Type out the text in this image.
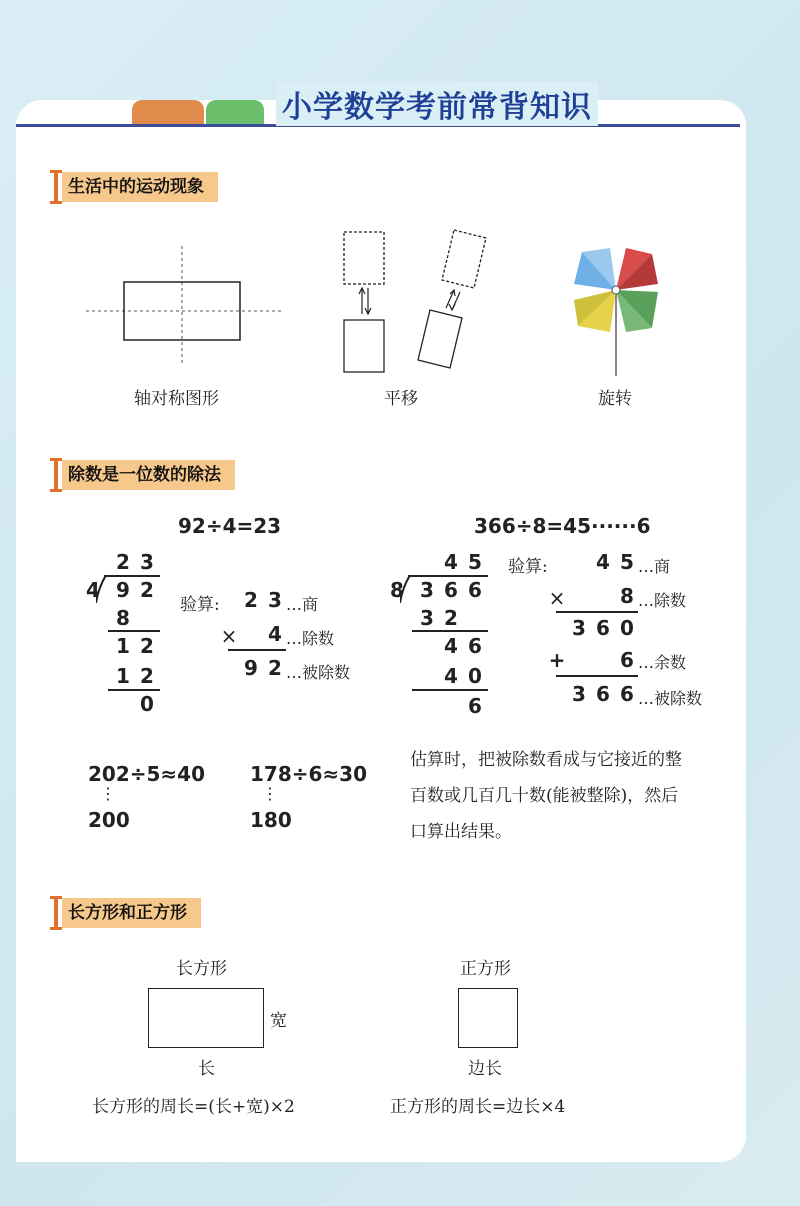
小学数学考前常背知识
生活中的运动现象
轴对称图形	平移	旋转
除数是一位数的除法
92÷4=23	366÷8=45······6
2 3
4 9 2
8
1 2
1 2
0
验算: 2 3 …商
× 4 …除数
9 2 …被除数
4 5
8 3 6 6
3 2
4 6
4 0
6
验算: 4 5 …商
×	8 …除数
3 6 0
+	6 …余数
3 6 6 …被除数
202÷5≈40
⋮
200
178÷6≈30
⋮
180
估算时，把被除数看成与它接近的整百数或几百几十数(能被整除)，然后口算出结果。
长方形和正方形
长方形
宽
长
正方形
边长
长方形的周长=(长+宽)×2	正方形的周长=边长×4
